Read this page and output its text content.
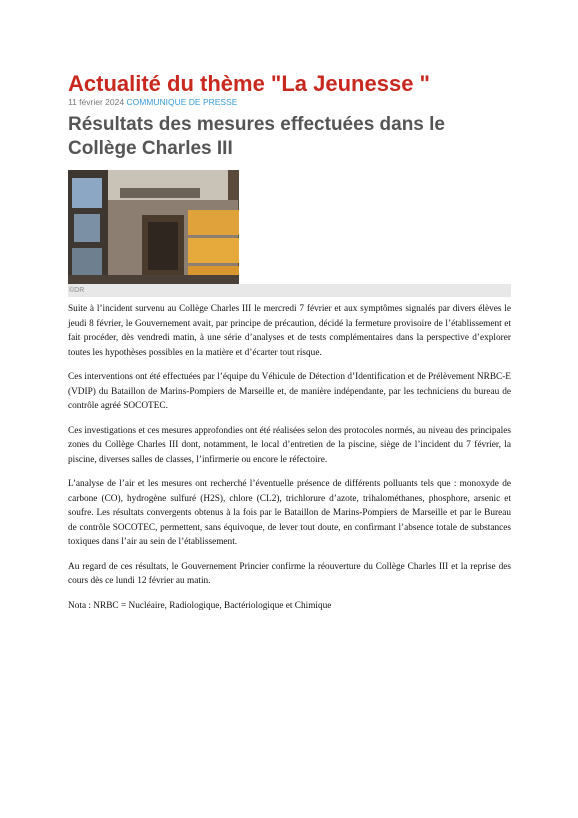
Actualité du thème "La Jeunesse "
11 février 2024 COMMUNIQUE DE PRESSE
Résultats des mesures effectuées dans le Collège Charles III
©DR

Suite à l’incident survenu au Collège Charles III le mercredi 7 février et aux symptômes signalés par divers élèves le jeudi 8 février, le Gouvernement avait, par principe de précaution, décidé la fermeture provisoire de l’établissement et fait procéder, dès vendredi matin, à une série d’analyses et de tests complémentaires dans la perspective d’explorer toutes les hypothèses possibles en la matière et d’écarter tout risque.

Ces interventions ont été effectuées par l’équipe du Véhicule de Détection d’Identification et de Prélèvement NRBC-E (VDIP) du Bataillon de Marins-Pompiers de Marseille et, de manière indépendante, par les techniciens du bureau de contrôle agréé SOCOTEC.

Ces investigations et ces mesures approfondies ont été réalisées selon des protocoles normés, au niveau des principales zones du Collège Charles III dont, notamment, le local d’entretien de la piscine, siège de l’incident du 7 février, la piscine, diverses salles de classes, l’infirmerie ou encore le réfectoire.

L’analyse de l’air et les mesures ont recherché l’éventuelle présence de différents polluants tels que : monoxyde de carbone (CO), hydrogène sulfuré (H2S), chlore (CL2), trichlorure d’azote, trihalométhanes, phosphore, arsenic et soufre. Les résultats convergents obtenus à la fois par le Bataillon de Marins-Pompiers de Marseille et par le Bureau de contrôle SOCOTEC, permettent, sans équivoque, de lever tout doute, en confirmant l’absence totale de substances toxiques dans l’air au sein de l’établissement.

Au regard de ces résultats, le Gouvernement Princier confirme la réouverture du Collège Charles III et la reprise des cours dès ce lundi 12 février au matin.

Nota : NRBC = Nucléaire, Radiologique, Bactériologique et Chimique
